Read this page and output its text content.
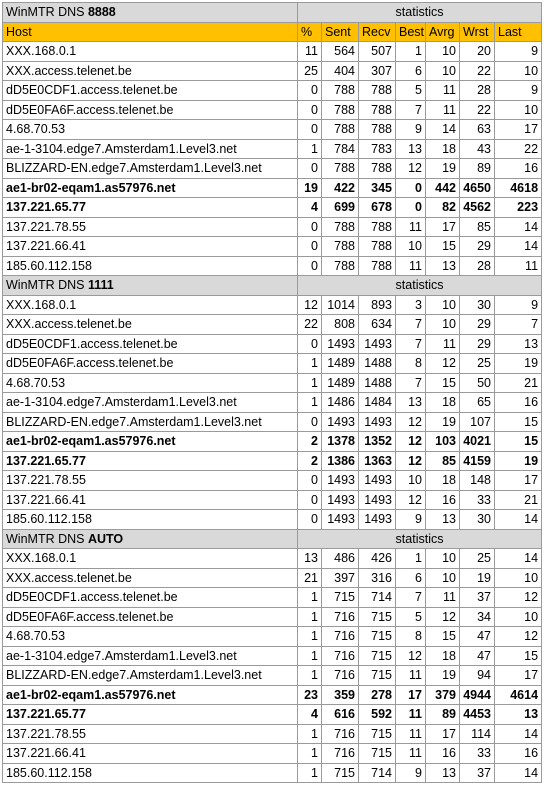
WinMTR DNS 8888	statistics						
Host	%	Sent	Recv	Best	Avrg	Wrst	Last
XXX.168.0.1	11	564	507	1	10	20	9
XXX.access.telenet.be	25	404	307	6	10	22	10
dD5E0CDF1.access.telenet.be	0	788	788	5	11	28	9
dD5E0FA6F.access.telenet.be	0	788	788	7	11	22	10
4.68.70.53	0	788	788	9	14	63	17
ae-1-3104.edge7.Amsterdam1.Level3.net	1	784	783	13	18	43	22
BLIZZARD-EN.edge7.Amsterdam1.Level3.net	0	788	788	12	19	89	16
ae1-br02-eqam1.as57976.net	19	422	345	0	442	4650	4618
137.221.65.77	4	699	678	0	82	4562	223
137.221.78.55	0	788	788	11	17	85	14
137.221.66.41	0	788	788	10	15	29	14
185.60.112.158	0	788	788	11	13	28	11
WinMTR DNS 1111	statistics						
XXX.168.0.1	12	1014	893	3	10	30	9
XXX.access.telenet.be	22	808	634	7	10	29	7
dD5E0CDF1.access.telenet.be	0	1493	1493	7	11	29	13
dD5E0FA6F.access.telenet.be	1	1489	1488	8	12	25	19
4.68.70.53	1	1489	1488	7	15	50	21
ae-1-3104.edge7.Amsterdam1.Level3.net	1	1486	1484	13	18	65	16
BLIZZARD-EN.edge7.Amsterdam1.Level3.net	0	1493	1493	12	19	107	15
ae1-br02-eqam1.as57976.net	2	1378	1352	12	103	4021	15
137.221.65.77	2	1386	1363	12	85	4159	19
137.221.78.55	0	1493	1493	10	18	148	17
137.221.66.41	0	1493	1493	12	16	33	21
185.60.112.158	0	1493	1493	9	13	30	14
WinMTR DNS AUTO	statistics						
XXX.168.0.1	13	486	426	1	10	25	14
XXX.access.telenet.be	21	397	316	6	10	19	10
dD5E0CDF1.access.telenet.be	1	715	714	7	11	37	12
dD5E0FA6F.access.telenet.be	1	716	715	5	12	34	10
4.68.70.53	1	716	715	8	15	47	12
ae-1-3104.edge7.Amsterdam1.Level3.net	1	716	715	12	18	47	15
BLIZZARD-EN.edge7.Amsterdam1.Level3.net	1	716	715	11	19	94	17
ae1-br02-eqam1.as57976.net	23	359	278	17	379	4944	4614
137.221.65.77	4	616	592	11	89	4453	13
137.221.78.55	1	716	715	11	17	114	14
137.221.66.41	1	716	715	11	16	33	16
185.60.112.158	1	715	714	9	13	37	14
